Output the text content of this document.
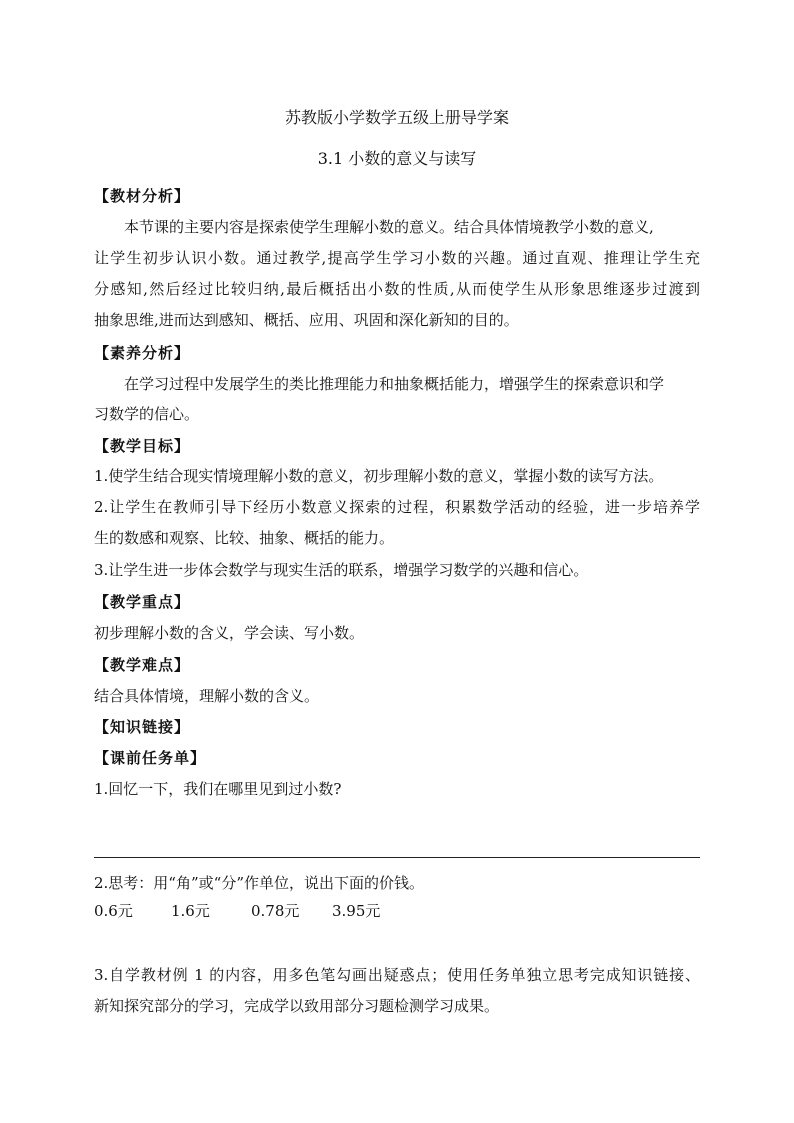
苏教版小学数学五级上册导学案
3.1 小数的意义与读写
【教材分析】
本节课的主要内容是探索使学生理解小数的意义。结合具体情境教学小数的意义,
让学生初步认识小数。通过教学,提高学生学习小数的兴趣。通过直观、推理让学生充
分感知,然后经过比较归纳,最后概括出小数的性质,从而使学生从形象思维逐步过渡到
抽象思维,进而达到感知、概括、应用、巩固和深化新知的目的。
【素养分析】
在学习过程中发展学生的类比推理能力和抽象概括能力，增强学生的探索意识和学
习数学的信心。
【教学目标】
1.使学生结合现实情境理解小数的意义，初步理解小数的意义，掌握小数的读写方法。
2.让学生在教师引导下经历小数意义探索的过程，积累数学活动的经验，进一步培养学
生的数感和观察、比较、抽象、概括的能力。
3.让学生进一步体会数学与现实生活的联系，增强学习数学的兴趣和信心。
【教学重点】
初步理解小数的含义，学会读、写小数。
【教学难点】
结合具体情境，理解小数的含义。
【知识链接】
【课前任务单】
1.回忆一下，我们在哪里见到过小数?
2.思考：用“角”或“分”作单位，说出下面的价钱。
0.6元	1.6元	0.78元 3.95元
3.自学教材例 1 的内容，用多色笔勾画出疑惑点；使用任务单独立思考完成知识链接、
新知探究部分的学习，完成学以致用部分习题检测学习成果。
